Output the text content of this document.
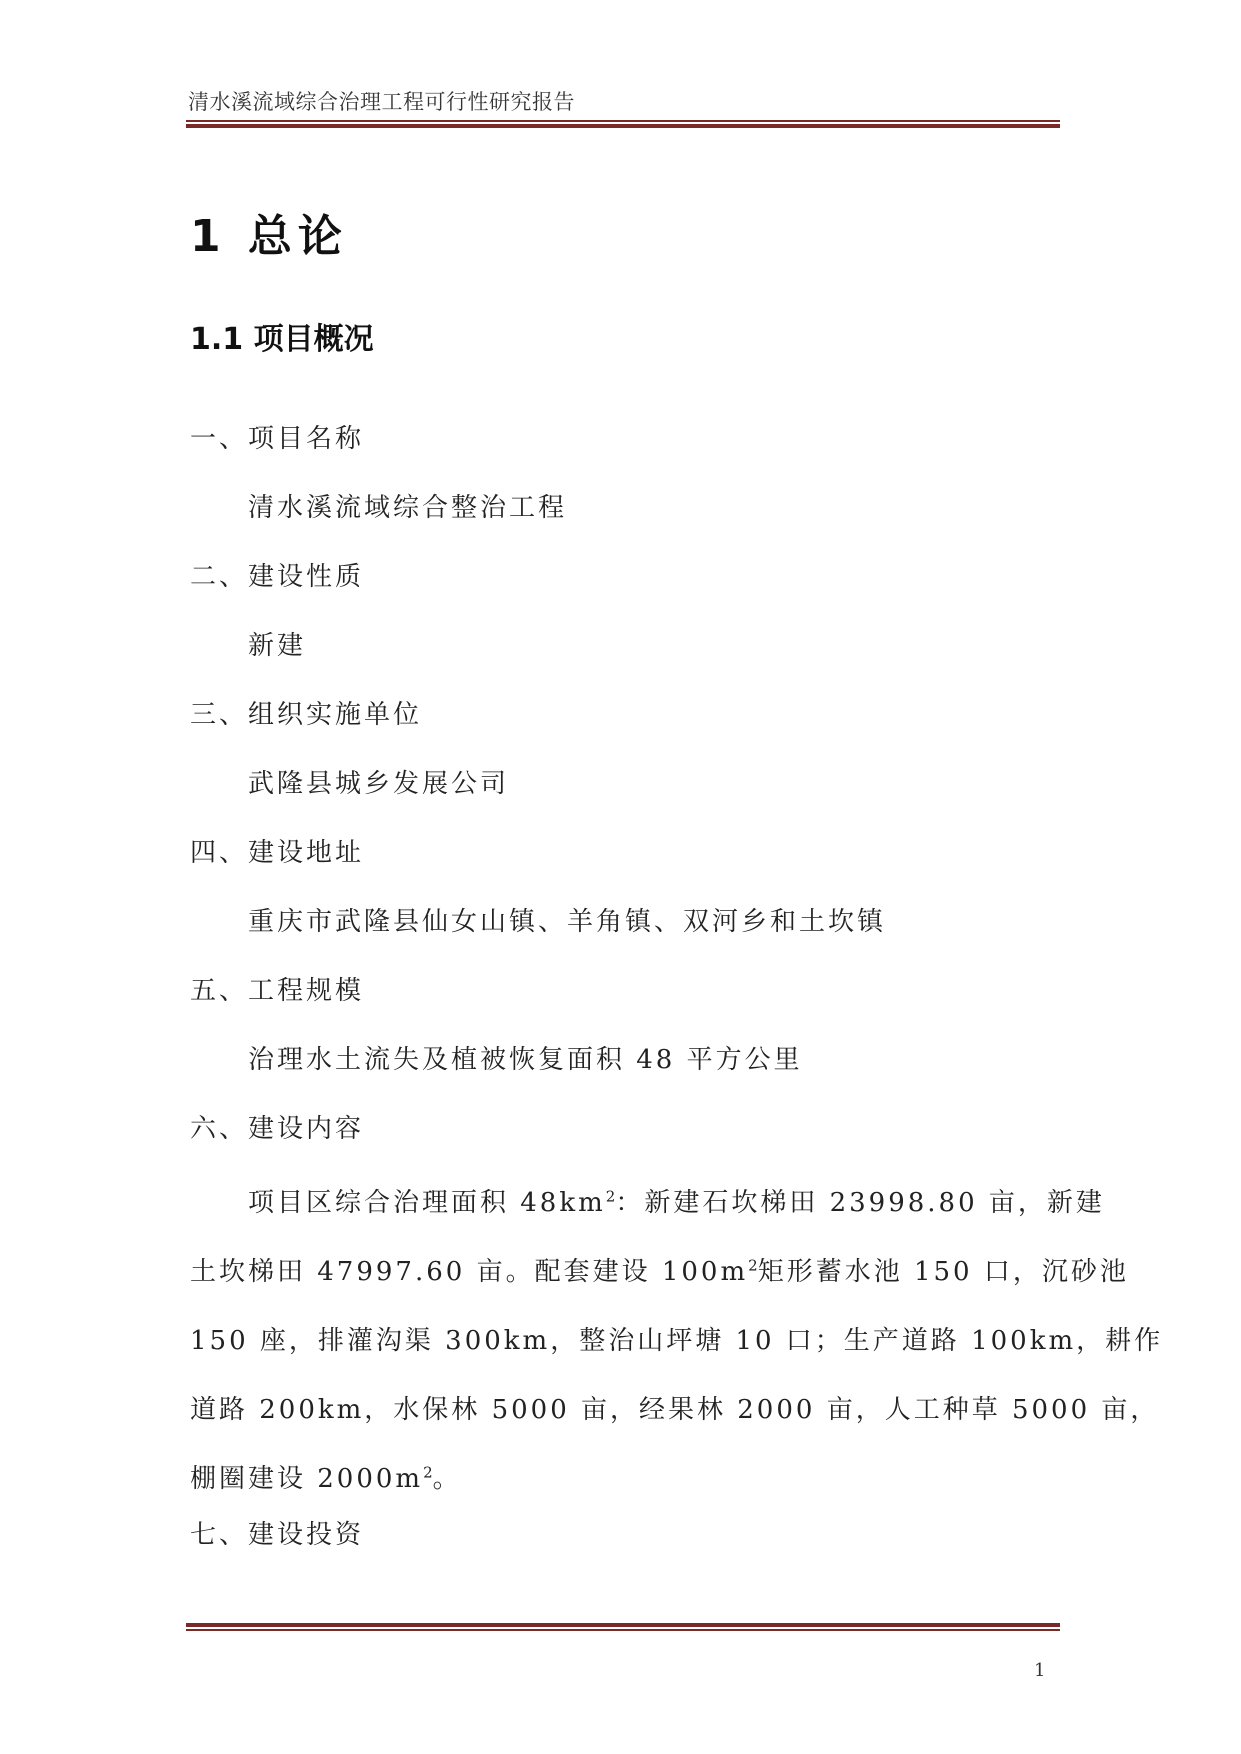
清水溪流域综合治理工程可行性研究报告
1 总论
1.1 项目概况
一、项目名称
清水溪流域综合整治工程
二、建设性质
新建
三、组织实施单位
武隆县城乡发展公司
四、建设地址
重庆市武隆县仙女山镇、羊角镇、双河乡和土坎镇
五、工程规模
治理水土流失及植被恢复面积 48 平方公里
六、建设内容
项目区综合治理面积 $48km^2$：新建石坎梯田 23998.80 亩，新建
土坎梯田 47997.60 亩。配套建设 $100m^2$矩形蓄水池 150 口，沉砂池
150 座，排灌沟渠 300km，整治山坪塘 10 口；生产道路 100km，耕作
道路 200km，水保林 5000 亩，经果林 2000 亩，人工种草 5000 亩，
棚圈建设 $2000m^2$。
七、建设投资
1
